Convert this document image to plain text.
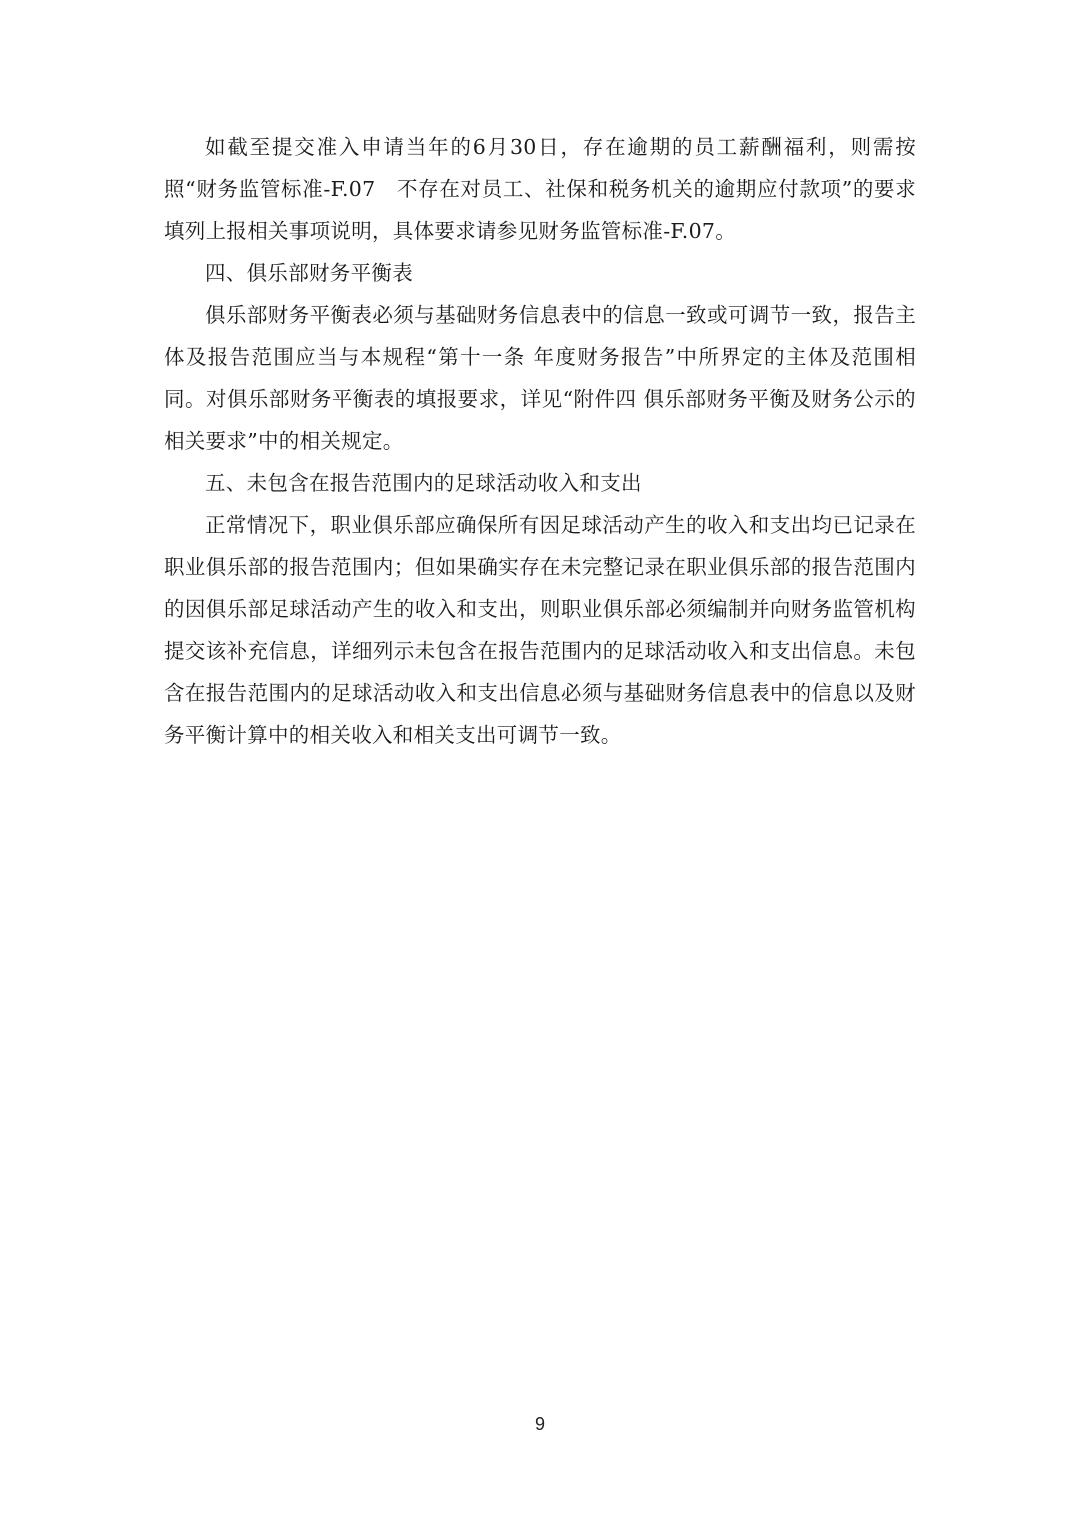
如截至提交准入申请当年的6月30日，存在逾期的员工薪酬福利，则需按照“财务监管标准-F.07　不存在对员工、社保和税务机关的逾期应付款项”的要求填列上报相关事项说明，具体要求请参见财务监管标准-F.07。

四、俱乐部财务平衡表

俱乐部财务平衡表必须与基础财务信息表中的信息一致或可调节一致，报告主体及报告范围应当与本规程“第十一条 年度财务报告”中所界定的主体及范围相同。对俱乐部财务平衡表的填报要求，详见“附件四 俱乐部财务平衡及财务公示的相关要求”中的相关规定。

五、未包含在报告范围内的足球活动收入和支出

正常情况下，职业俱乐部应确保所有因足球活动产生的收入和支出均已记录在职业俱乐部的报告范围内；但如果确实存在未完整记录在职业俱乐部的报告范围内的因俱乐部足球活动产生的收入和支出，则职业俱乐部必须编制并向财务监管机构提交该补充信息，详细列示未包含在报告范围内的足球活动收入和支出信息。未包含在报告范围内的足球活动收入和支出信息必须与基础财务信息表中的信息以及财务平衡计算中的相关收入和相关支出可调节一致。

9
